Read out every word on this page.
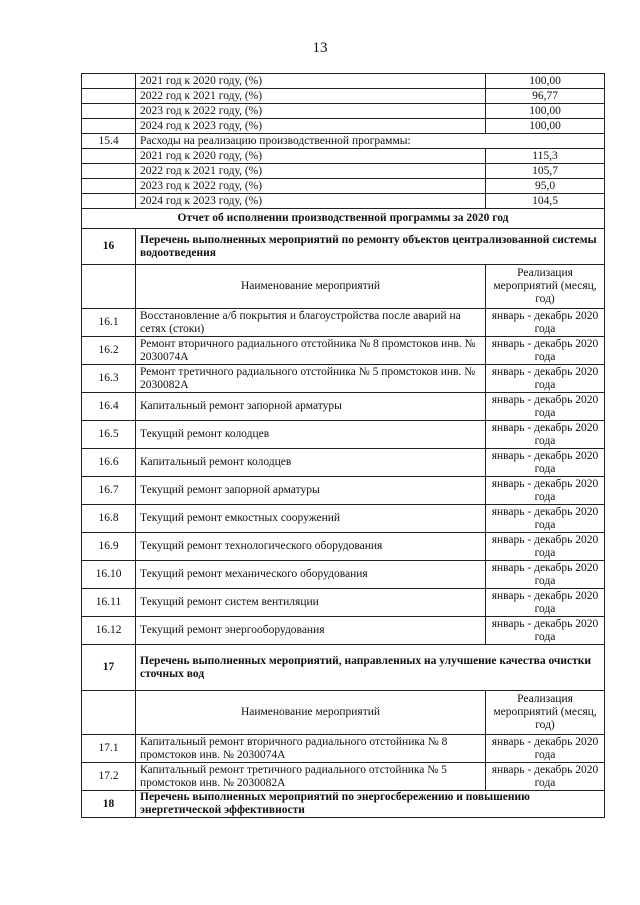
13
	2021 год к 2020 году, (%)	100,00
	2022 год к 2021 году, (%)	96,77
	2023 год к 2022 году, (%)	100,00
	2024 год к 2023 году, (%)	100,00
15.4	Расходы на реализацию производственной программы:	
	2021 год к 2020 году, (%)	115,3
	2022 год к 2021 году, (%)	105,7
	2023 год к 2022 году, (%)	95,0
	2024 год к 2023 году, (%)	104,5
Отчет об исполнении производственной программы за 2020 год		
16	Перечень выполненных мероприятий по ремонту объектов централизованной системы водоотведения	
	Наименование мероприятий	Реализация мероприятий (месяц, год)
16.1	Восстановление а/б покрытия и благоустройства после аварий на сетях (стоки)	январь - декабрь 2020 года
16.2	Ремонт вторичного радиального отстойника № 8 промстоков инв. № 2030074А	январь - декабрь 2020 года
16.3	Ремонт третичного радиального отстойника № 5 промстоков инв. № 2030082А	январь - декабрь 2020 года
16.4	Капитальный ремонт запорной арматуры	январь - декабрь 2020 года
16.5	Текущий ремонт колодцев	январь - декабрь 2020 года
16.6	Капитальный ремонт колодцев	январь - декабрь 2020 года
16.7	Текущий ремонт запорной арматуры	январь - декабрь 2020 года
16.8	Текущий ремонт емкостных сооружений	январь - декабрь 2020 года
16.9	Текущий ремонт технологического оборудования	январь - декабрь 2020 года
16.10	Текущий ремонт механического оборудования	январь - декабрь 2020 года
16.11	Текущий ремонт систем вентиляции	январь - декабрь 2020 года
16.12	Текущий ремонт энергооборудования	январь - декабрь 2020 года
17	Перечень выполненных мероприятий, направленных на улучшение качества очистки сточных вод	
	Наименование мероприятий	Реализация мероприятий (месяц, год)
17.1	Капитальный ремонт вторичного радиального отстойника № 8 промстоков инв. № 2030074А	январь - декабрь 2020 года
17.2	Капитальный ремонт третичного радиального отстойника № 5 промстоков инв. № 2030082А	январь - декабрь 2020 года
18	Перечень выполненных мероприятий по энергосбережению и повышению энергетической эффективности	
